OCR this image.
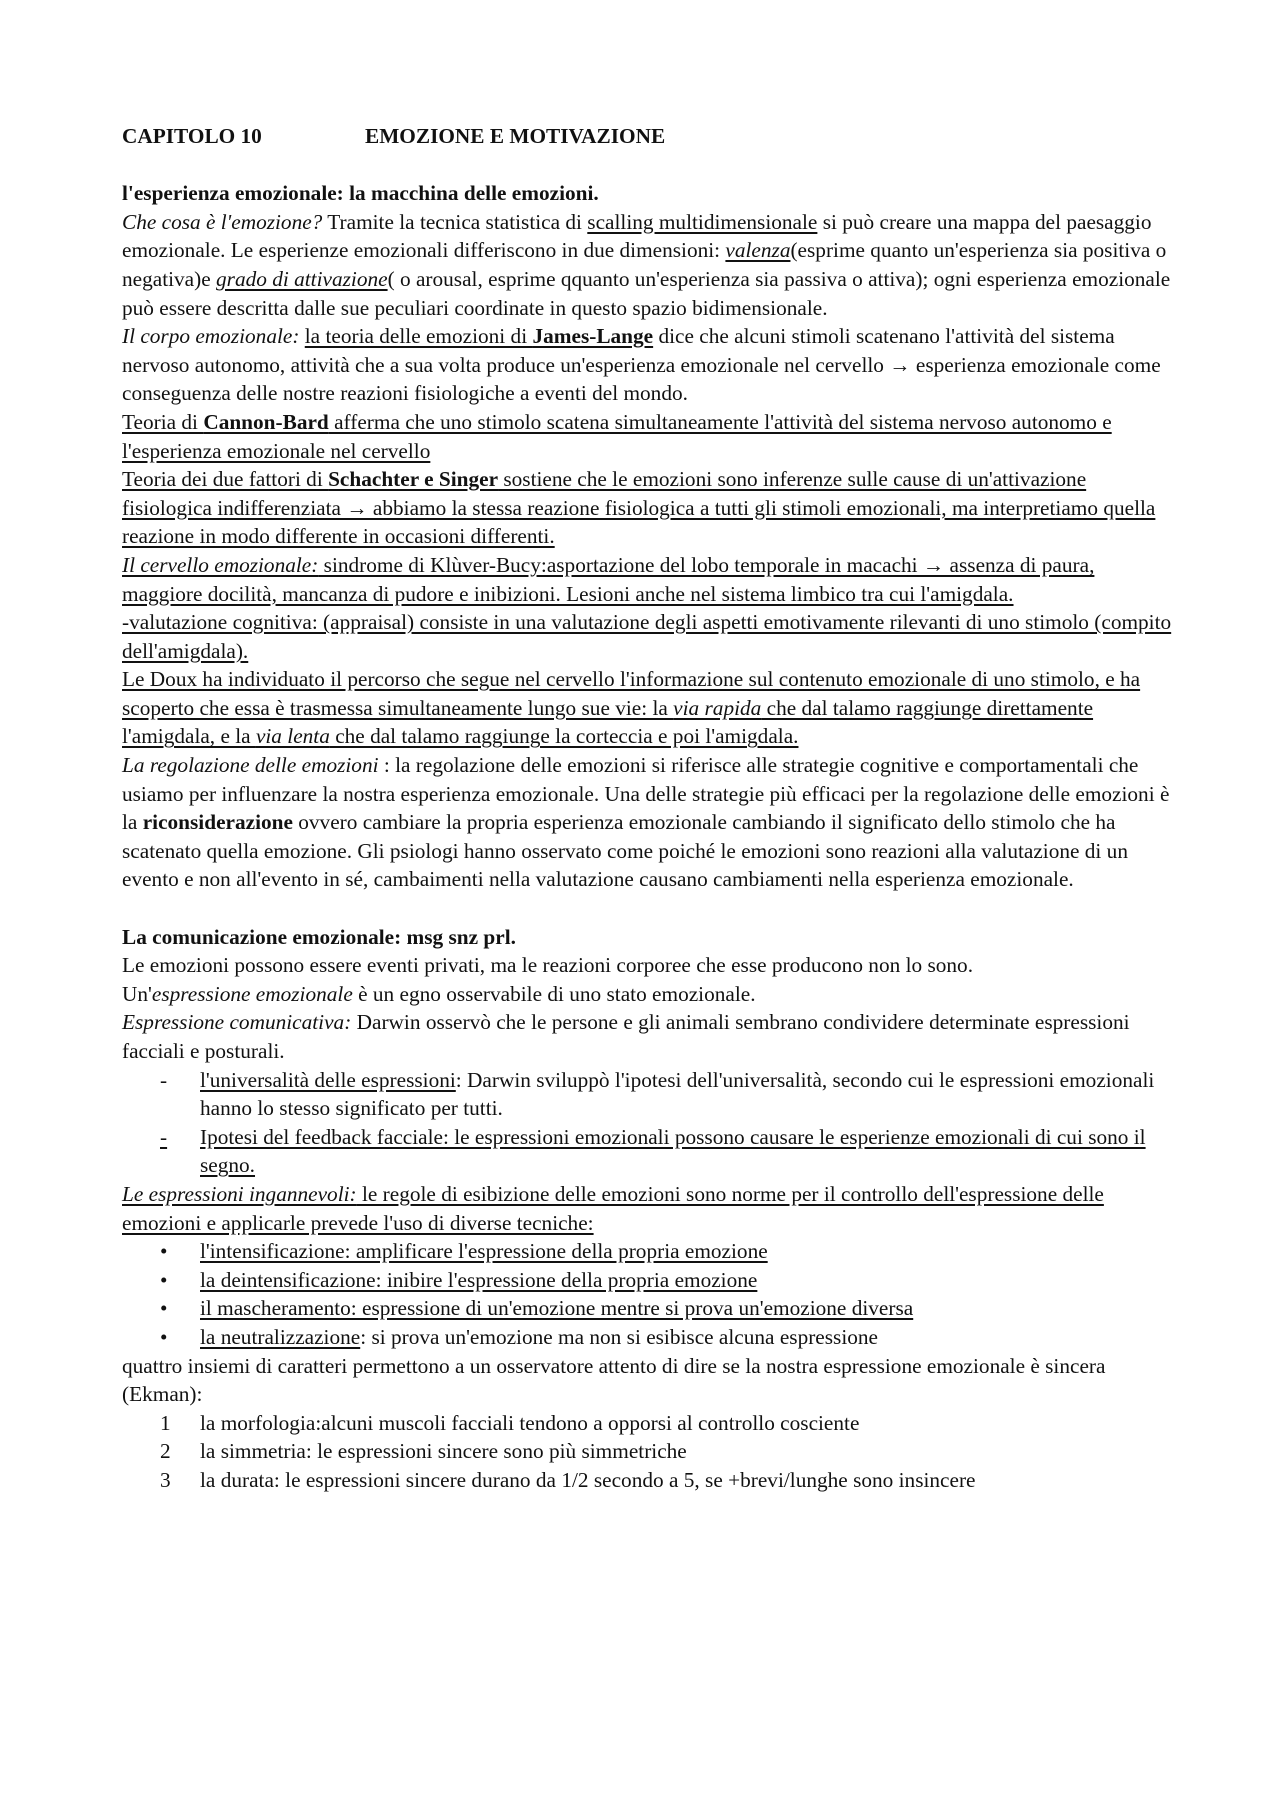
CAPITOLO 10	EMOZIONE E MOTIVAZIONE

l'esperienza emozionale: la macchina delle emozioni.

Che cosa è l'emozione? Tramite la tecnica statistica di scalling multidimensionale si può creare una mappa del paesaggio emozionale. Le esperienze emozionali differiscono in due dimensioni: valenza(esprime quanto un'esperienza sia positiva o negativa)e grado di attivazione( o arousal, esprime qquanto un'esperienza sia passiva o attiva); ogni esperienza emozionale può essere descritta dalle sue peculiari coordinate in questo spazio bidimensionale.

Il corpo emozionale: la teoria delle emozioni di James-Lange dice che alcuni stimoli scatenano l'attività del sistema nervoso autonomo, attività che a sua volta produce un'esperienza emozionale nel cervello → esperienza emozionale come conseguenza delle nostre reazioni fisiologiche a eventi del mondo.

Teoria di Cannon-Bard afferma che uno stimolo scatena simultaneamente l'attività del sistema nervoso autonomo e l'esperienza emozionale nel cervello

Teoria dei due fattori di Schachter e Singer sostiene che le emozioni sono inferenze sulle cause di un'attivazione fisiologica indifferenziata → abbiamo la stessa reazione fisiologica a tutti gli stimoli emozionali, ma interpretiamo quella reazione in modo differente in occasioni differenti.

Il cervello emozionale: sindrome di Klùver-Bucy:asportazione del lobo temporale in macachi → assenza di paura, maggiore docilità, mancanza di pudore e inibizioni. Lesioni anche nel sistema limbico tra cui l'amigdala.

-valutazione cognitiva: (appraisal) consiste in una valutazione degli aspetti emotivamente rilevanti di uno stimolo (compito dell'amigdala).

Le Doux ha individuato il percorso che segue nel cervello l'informazione sul contenuto emozionale di uno stimolo, e ha scoperto che essa è trasmessa simultaneamente lungo sue vie: la via rapida che dal talamo raggiunge direttamente l'amigdala, e la via lenta che dal talamo raggiunge la corteccia e poi l'amigdala.

La regolazione delle emozioni : la regolazione delle emozioni si riferisce alle strategie cognitive e comportamentali che usiamo per influenzare la nostra esperienza emozionale. Una delle strategie più efficaci per la regolazione delle emozioni è la riconsiderazione ovvero cambiare la propria esperienza emozionale cambiando il significato dello stimolo che ha scatenato quella emozione. Gli psiologi hanno osservato come poiché le emozioni sono reazioni alla valutazione di un evento e non all'evento in sé, cambaimenti nella valutazione causano cambiamenti nella esperienza emozionale.

La comunicazione emozionale: msg snz prl.

Le emozioni possono essere eventi privati, ma le reazioni corporee che esse producono non lo sono.

Un'espressione emozionale è un egno osservabile di uno stato emozionale.

Espressione comunicativa: Darwin osservò che le persone e gli animali sembrano condividere determinate espressioni facciali e posturali.

- l'universalità delle espressioni: Darwin sviluppò l'ipotesi dell'universalità, secondo cui le espressioni emozionali hanno lo stesso significato per tutti.
- Ipotesi del feedback facciale: le espressioni emozionali possono causare le esperienze emozionali di cui sono il segno.

Le espressioni ingannevoli: le regole di esibizione delle emozioni sono norme per il controllo dell'espressione delle emozioni e applicarle prevede l'uso di diverse tecniche:

• l'intensificazione: amplificare l'espressione della propria emozione
• la deintensificazione: inibire l'espressione della propria emozione
• il mascheramento: espressione di un'emozione mentre si prova un'emozione diversa
• la neutralizzazione: si prova un'emozione ma non si esibisce alcuna espressione

quattro insiemi di caratteri permettono a un osservatore attento di dire se la nostra espressione emozionale è sincera (Ekman):

1 la morfologia:alcuni muscoli facciali tendono a opporsi al controllo cosciente
2 la simmetria: le espressioni sincere sono più simmetriche
3 la durata: le espressioni sincere durano da 1/2 secondo a 5, se +brevi/lunghe sono insincere
